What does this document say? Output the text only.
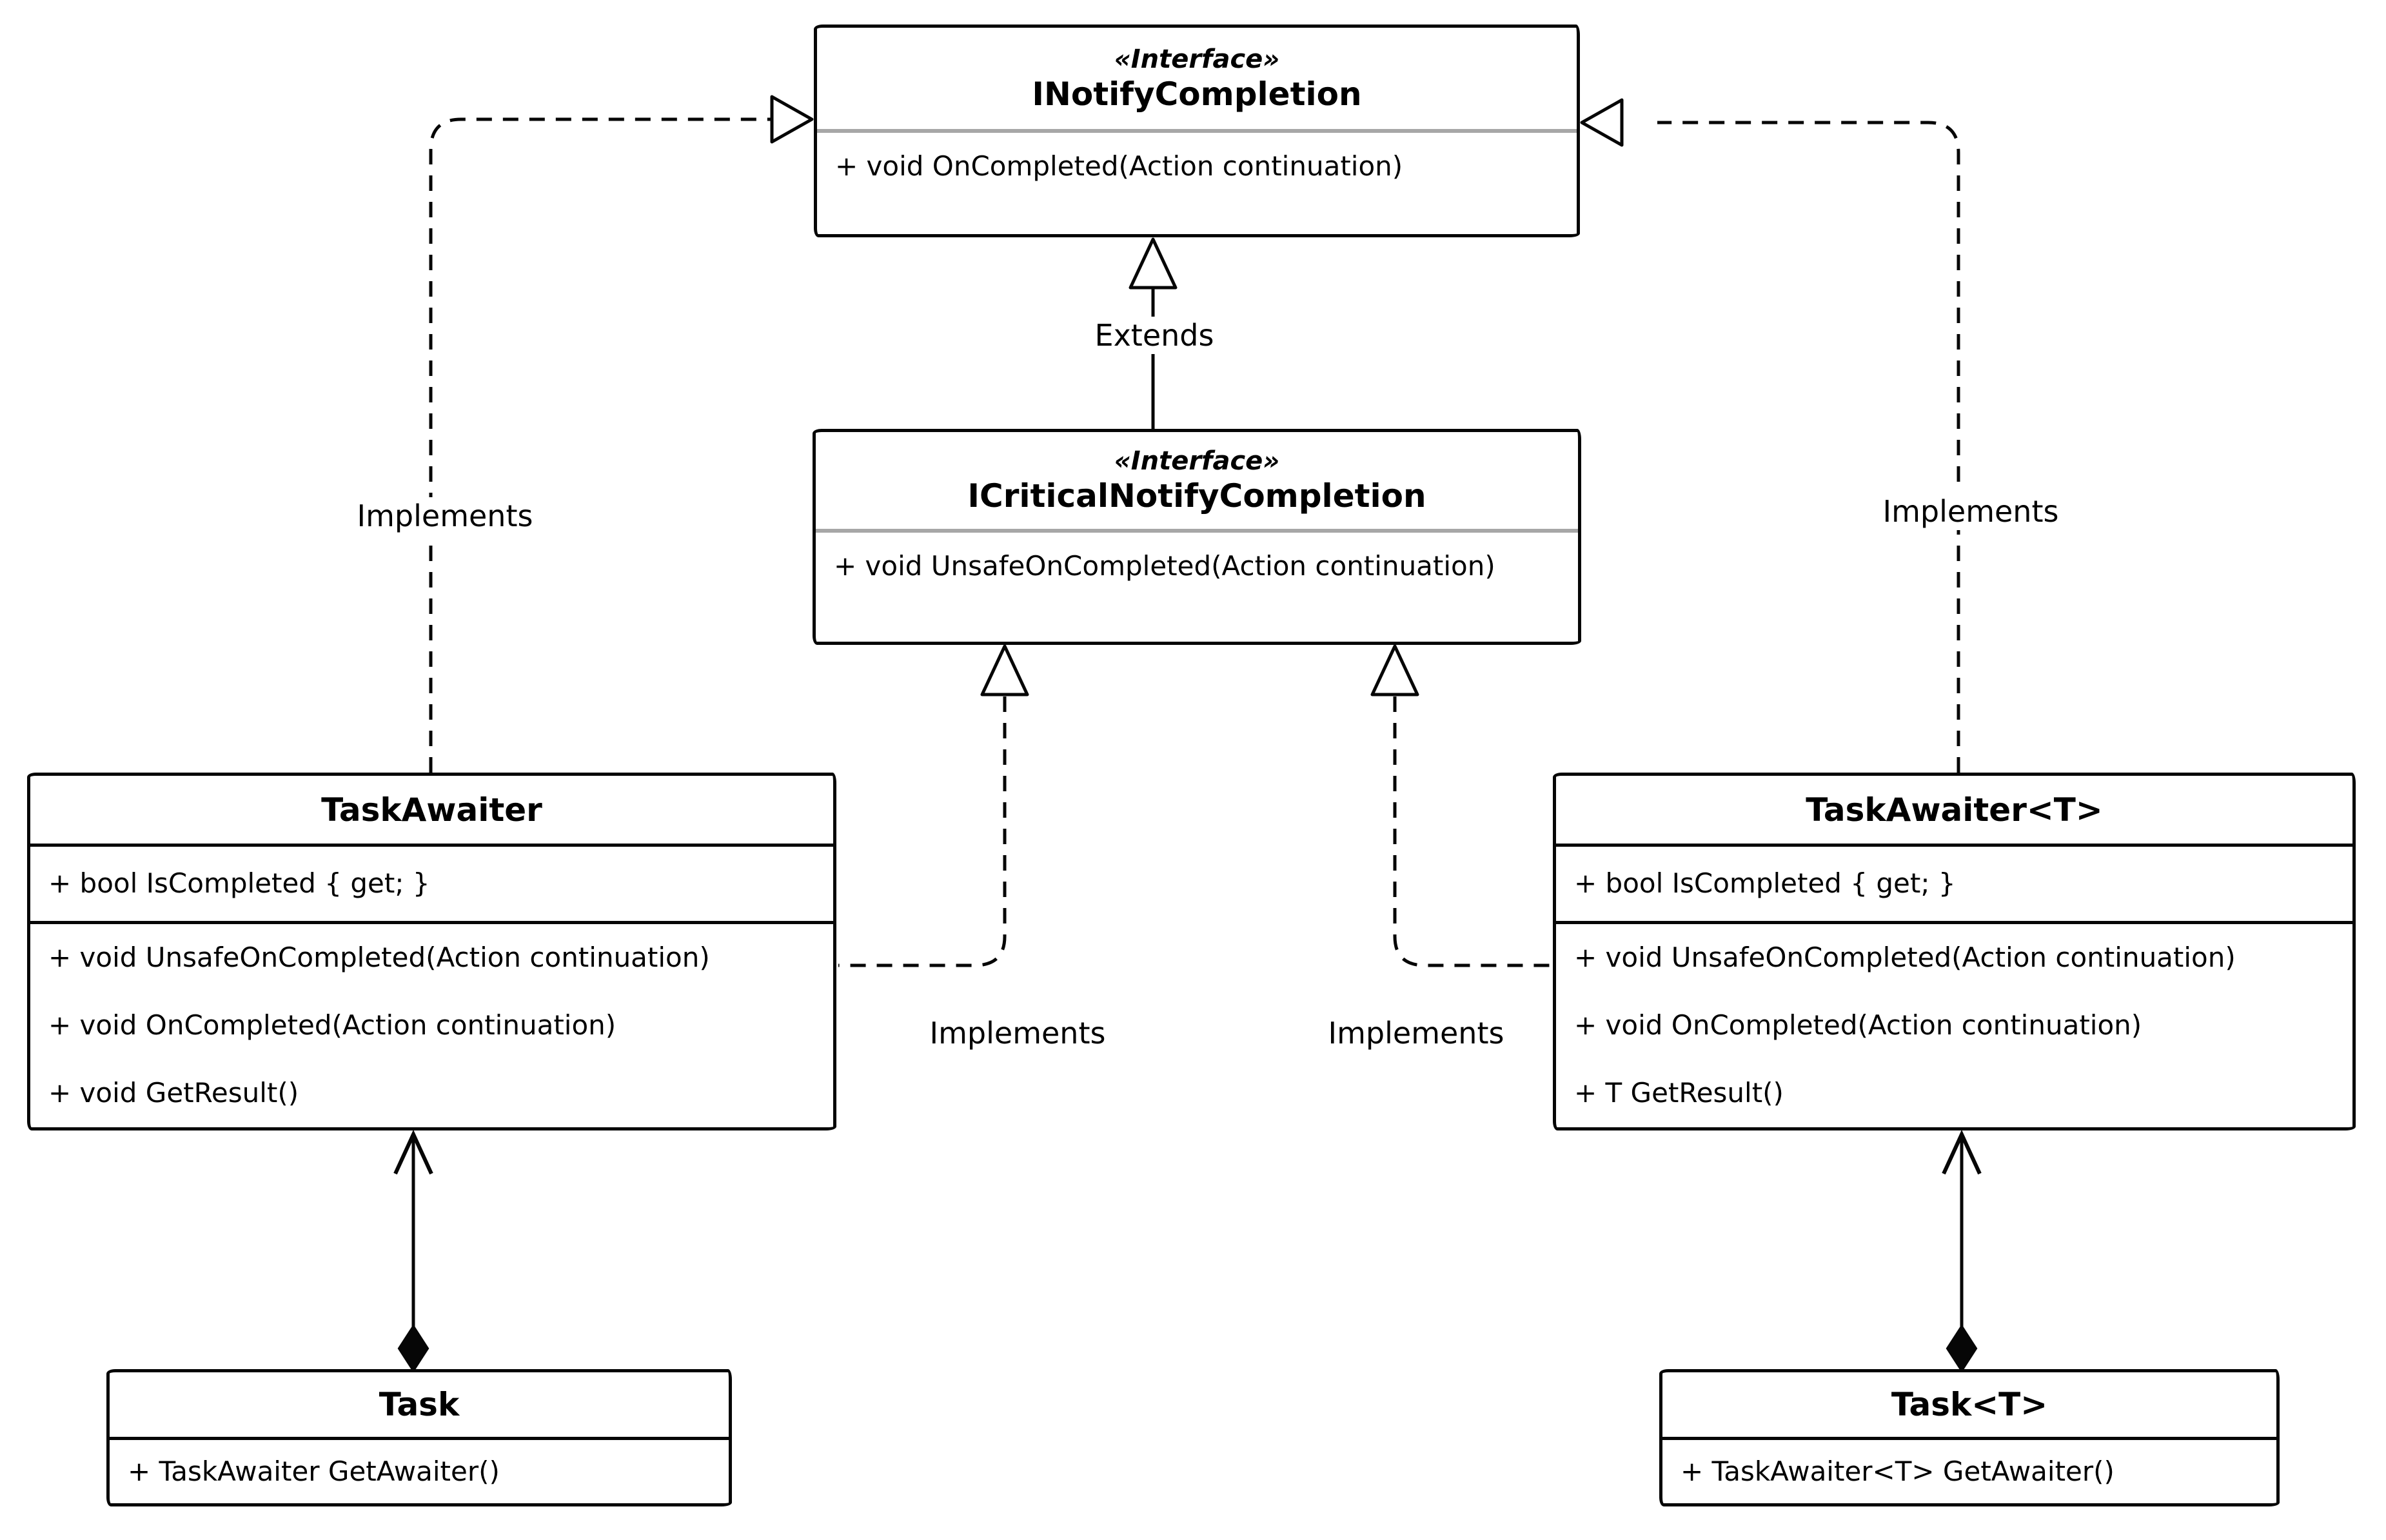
Implements	Implements
Extends
Implements	Implements
«Interface»
INotifyCompletion
+ void OnCompleted(Action continuation)
«Interface»
ICriticalNotifyCompletion
+ void UnsafeOnCompleted(Action continuation)
TaskAwaiter
+ bool IsCompleted { get; }
+ void UnsafeOnCompleted(Action continuation)
+ void OnCompleted(Action continuation)
+ void GetResult()
TaskAwaiter<T>
+ bool IsCompleted { get; }
+ void UnsafeOnCompleted(Action continuation)
+ void OnCompleted(Action continuation)
+ T GetResult()
Task
+ TaskAwaiter GetAwaiter()
Task<T>
+ TaskAwaiter<T> GetAwaiter()
